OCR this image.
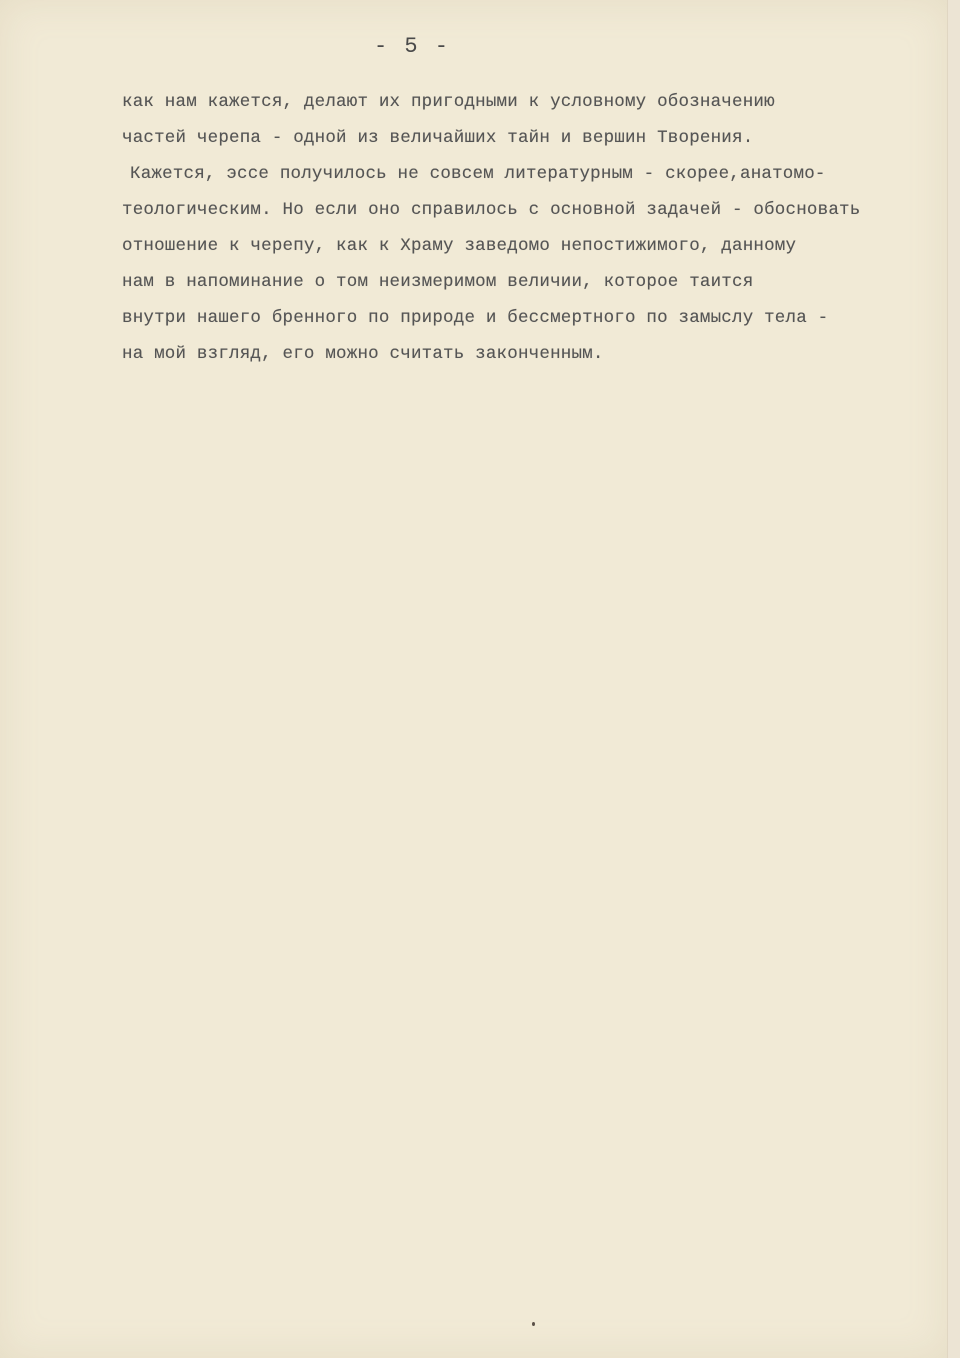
- 5 -

как нам кажется, делают их пригодными к условному обозначению
частей черепа - одной из величайших тайн и вершин Творения.
Кажется, эссе получилось не совсем литературным - скорее,анатомо-
теологическим. Но если оно справилось с основной задачей - обосновать
отношение к черепу, как к Храму заведомо непостижимого, данному
нам в напоминание о том неизмеримом величии, которое таится
внутри нашего бренного по природе и бессмертного по замыслу тела -
на мой взгляд, его можно считать законченным.
